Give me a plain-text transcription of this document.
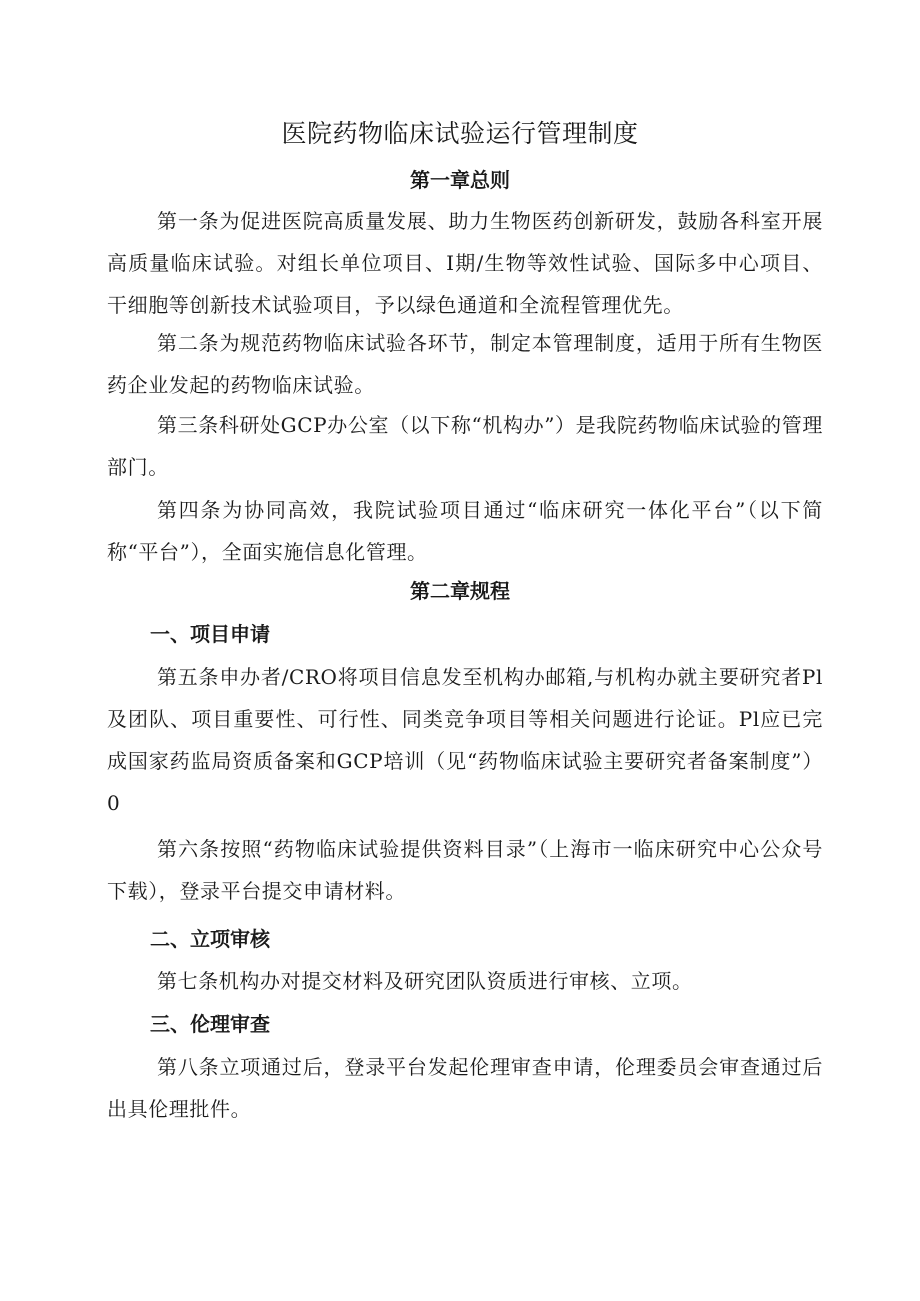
医院药物临床试验运行管理制度
第一章总则

第一条为促进医院高质量发展、助力生物医药创新研发，鼓励各科室开展高质量临床试验。对组长单位项目、I期/生物等效性试验、国际多中心项目、干细胞等创新技术试验项目，予以绿色通道和全流程管理优先。

第二条为规范药物临床试验各环节，制定本管理制度，适用于所有生物医药企业发起的药物临床试验。

第三条科研处GCP办公室（以下称“机构办”）是我院药物临床试验的管理部门。

第四条为协同高效，我院试验项目通过“临床研究一体化平台”（以下简称“平台”），全面实施信息化管理。

第二章规程
一、项目申请

第五条申办者/CRO将项目信息发至机构办邮箱,与机构办就主要研究者Pl及团队、项目重要性、可行性、同类竞争项目等相关问题进行论证。Pl应已完成国家药监局资质备案和GCP培训（见“药物临床试验主要研究者备案制度”）0

第六条按照“药物临床试验提供资料目录”（上海市一临床研究中心公众号下载），登录平台提交申请材料。

二、立项审核

第七条机构办对提交材料及研究团队资质进行审核、立项。

三、伦理审查

第八条立项通过后，登录平台发起伦理审查申请，伦理委员会审查通过后出具伦理批件。
